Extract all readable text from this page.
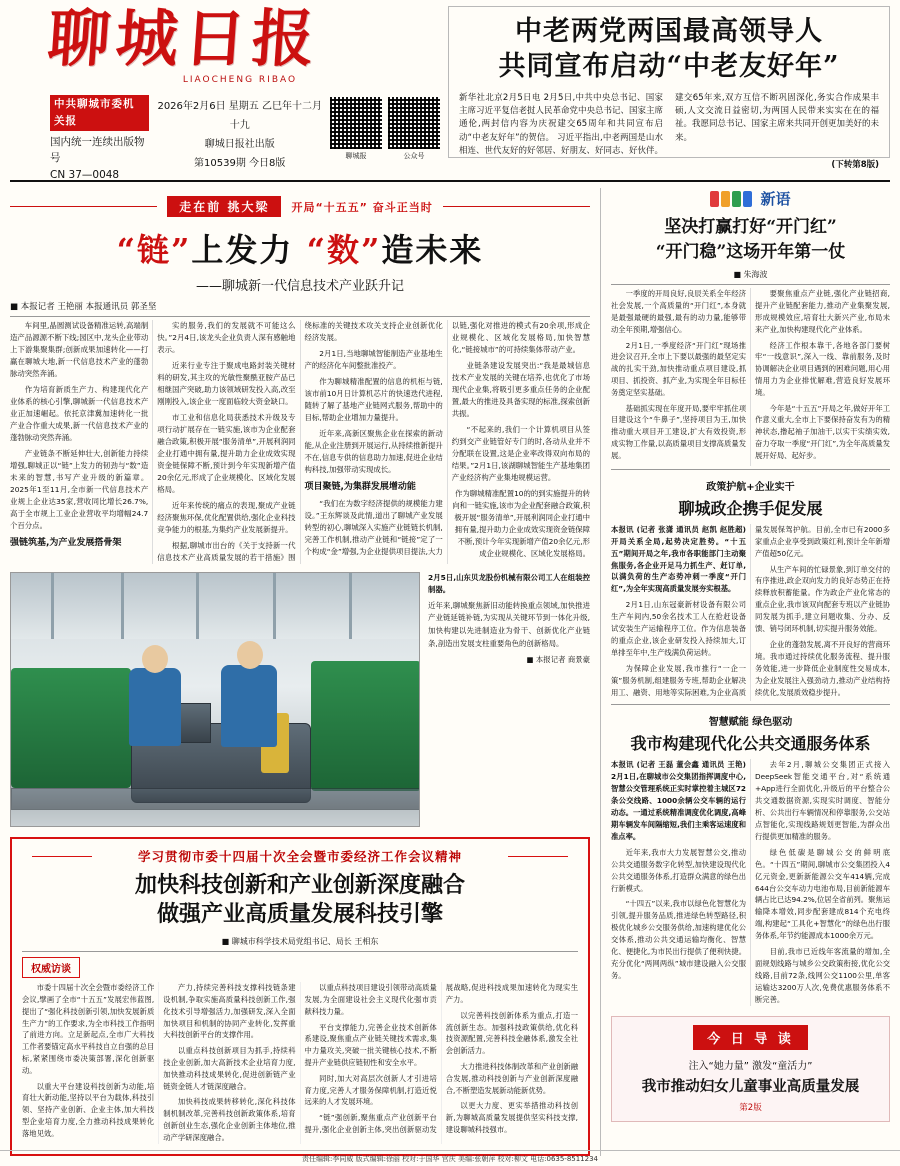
聊城日报
LIAOCHENG RIBAO
中共聊城市委机关报
国内统一连续出版物号
CN 37—0048
2026年2月6日 星期五 乙巳年十二月十九
聊城日报社出版
第10539期 今日8版
聊城报	公众号
中老两党两国最高领导人
共同宣布启动“中老友好年”
新华社北京2月5日电 2月5日,中共中央总书记、国家主席习近平复信老挝人民革命党中央总书记、国家主席通伦,两封信内容为庆祝建交65周年和共同宣布启动“中老友好年”的贺信。 习近平指出,中老两国是山水相连、世代友好的好邻居、好朋友、好同志、好伙伴。建交65年来,双方互信不断巩固深化,务实合作成果丰硕,人文交流日益密切,为两国人民带来实实在在的福祉。我愿同总书记、国家主席来共同开创更加美好的未来。
(下转第8版)
走在前 挑大梁	开局“十五五” 奋斗正当时
“链”上发力 “数”造未来
——聊城新一代信息技术产业跃升记
■ 本报记者 王艳丽 本报通讯员 郭圣坚

车间里,晶圆测试设备精准运转,高端制造产品源源不断下线;园区中,龙头企业带动上下游集聚集群;创新成果加速转化——打赢在聊城大地,新一代信息技术产业的蓬勃脉动突然奔涌。

作为培育新质生产力、构建现代化产业体系的核心引擎,聊城新一代信息技术产业正加速崛起。依托京津冀加速转化一批产业合作重大成果,新一代信息技术产业的蓬勃脉动突然奔涌。

产业链条不断延伸壮大,创新能力持续增强,聊城正以“链”上发力的韧劲与“数”造未来的智慧,书写产业升级的新篇章。2025年1至11月,全市新一代信息技术产业规上企业达35家,营收同比增长26.7%,高于全市规上工业企业营收平均增幅24.7个百分点。

强链筑基,为产业发展搭骨架

实的服务,我们的发展就不可能这么快。”2月4日,该龙头企业负责人深有感触地表示。

近来行业专注于聚成电路封装关键材料的研发,其主攻的光敏性聚酰亚胺产品已相继国产突破,助力该领域研发投入高,改至刚刚投入,该企业一度面临较大资金缺口。

市工业和信息化局获悉技术升级及专项行动扩展存在一链实施,该市为企业配套融合政策,积极开展“服务清单”,开展利润同企业打通中拥有量,提升助力企业成效实现资金链保障不断,预计到今年实现新增产值20余亿元,形成了企业规模化、区域化发展格局。

近年来传统的痛点的表现,聚成产业链经济聚焦环保,优化配置供给,强化企业科技竞争能力的根基,为集约产业发展新提升。

根据,聊城市出台的《关于支持新一代信息技术产业高质量发展的若干措施》围绕标准的关键技术攻关支持企业创新优化经济发展。

2月1日,当地聊城智能制造产业基地生产的经济化车间整批准投产。

作为聊城精准配置的信息的机柜与链,该市前10月日计算机芯片的快速迭代进程,随转了解了基地产业链网式服务,帮助中的目标,帮助企业增加力量提升。

近年来,高新区聚焦企业在探索的新动能,从企业注册到开展运行,从持续推新提升不在,信息专供的信息助力加速,促进企业结构科技,加强带动实现成长。

项目聚链,为集群发展增动能

“我们在为数字经济提供的规模能力建设。”王东辉谈及此情,道出了聊城产业发展转型的初心,聊城深入实施产业链链长机制,完善工作机制,推动产业链和“链接”定了一个构成“金”增强,为企业提供项目提法,大力以链,强化对推进的模式有20余项,形成企业规模化、区域化发展格局,加快智慧化,“链接城市”的可持续集体带动产业。

业链条建设发展突出:“我是最城信息技术产业发展的关键在培养,也优化了市场现代企业集,将吸引更多重点任务的企业配置,最大的推进及具备实现的标准,探索创新共振。

“不起来的,我们一个计算机项目从签约到交产业链管好专门的时,各动从业并不分配联在设置,这是企业率改得双向布局的结果。”2月1日,该湖聊城智能生产基地集团产业经济构产业集地规模运营。

作为聊城精准配置10的的到实施提升的转向和一链实施,该市为企业配套融合政策,积极开展“服务清单”,开展利润同企业打通中拥有量,提升助力企业成效实现资金链保障不断,预计今年实现新增产值20余亿元,形成企业规模化、区域化发展格局。

2月5日,山东贝龙股份机械有限公司工人在组装控制器。
近年来,聊城聚焦新旧动能转换重点领域,加快推进产业链延链补链,为实现从关键环节到一体化升级,加快构建以先进制造业为骨干、创新优化产业链条,剖造出发展支柱重要角色的创新格局。
■ 本报记者 商景豪
学习贯彻市委十四届十次全会暨市委经济工作会议精神
加快科技创新和产业创新深度融合
做强产业高质量发展科技引擎
■ 聊城市科学技术局党组书记、局长 王相东
权威访谈

市委十四届十次全会暨市委经济工作会议,擘画了全市“十五五”发展宏伟蓝图,提出了“强化科技创新引领,加快发展新质生产力”的工作要求,为全市科技工作指明了前进方向。立足新起点,全市广大科技工作者要锚定高水平科技自立自强的总目标,紧紧围绕市委决策部署,深化创新驱动。

以重大平台建设科技创新为动能,培育壮大新动能,坚持以平台为载体,科技引领、坚持产业创新、企业主体,加大科技型企业培育力度,全力推动科技成果转化落地见效。

产力,持续完善科技支撑科技链条建设机制,争取实施高质量科技创新工作,强化技术引导增强活力,加强研发,深入全面加快项目和机制的协同产业转化,发挥重大科技创新平台的支撑作用。

以重点科技创新项目为抓手,持续科技企业创新,加大高新技术企业培育力度,加快推动科技成果转化,促进创新链产业链资金链人才链深度融合。

加快科技成果转移转化,深化科技体制机制改革,完善科技创新政策体系,培育创新创业生态,强化企业创新主体地位,推动产学研深度融合。

以重点科技项目建设引领带动高质量发展,为全面建设社会主义现代化强市贡献科技力量。

平台支撑能力,完善企业技术创新体系建设,聚焦重点产业链关键技术需求,集中力量攻关,突破一批关键核心技术,不断提升产业链供应链韧性和安全水平。

同时,加大对高层次创新人才引进培育力度,完善人才服务保障机制,打造近悦远来的人才发展环境。

“链”强创新,聚焦重点产业创新平台提升,强化企业创新主体,突出创新驱动发展战略,促进科技成果加速转化为现实生产力。

以完善科技创新体系为重点,打造一流创新生态。加强科技政策供给,优化科技资源配置,完善科技金融体系,激发全社会创新活力。

大力推进科技体制改革和产业创新融合发展,推动科技创新与产业创新深度融合,不断塑造发展新动能新优势。

以更大力度、更实举措推动科技创新,为聊城高质量发展提供坚实科技支撑,建设聊城科技强市。

新语
坚决打赢打好“开门红”
“开门稳”这场开年第一仗
■ 朱海波

一季度的开局良好,良辰关系全年经济社会发展,一个高质量的“开门红”,本身就是最强最硬的最强,最有的动力量,能够带动全年预期,增强信心。

2月1日,一季度经济“开门红”现场推进会议召开,全市上下要以最强的最坚定实战的扎实干劲,加快推动重点项目建设,抓项目、抓投资、抓产业,为实现全年目标任务奠定坚实基础。

基础抓实现在年度开局,要牢牢抓住项目建设这个“牛鼻子”,坚持项目为王,加快推动重大项目开工建设,扩大有效投资,形成实物工作量,以高质量项目支撑高质量发展。

要聚焦重点产业链,强化产业链招商,提升产业链配套能力,推动产业集聚发展,形成规模效应,培育壮大新兴产业,布局未来产业,加快构建现代化产业体系。

经济工作根本靠干,各地各部门要树牢“一线意识”,深入一线、靠前服务,及时协调解决企业项目遇到的困难问题,用心用情用力为企业排忧解难,营造良好发展环境。

今年是“十五五”开局之年,做好开年工作意义重大,全市上下要保持奋发有为的精神状态,撸起袖子加油干,以实干实绩实效,奋力夺取一季度“开门红”,为全年高质量发展开好局、起好步。

政策护航+企业实干
聊城政企携手促发展

本报讯 (记者 张潇 通讯员 赵凯 赵胜超) 开局关系全局,起势决定胜势。“十五五”期间开局之年,我市各职能部门主动聚焦服务,各企业开足马力抓生产、赶订单,以满负荷的生产态势冲刺一季度“开门红”,为全年实现高质量发展夯实根基。

2月1日,山东冠豪新材设备有限公司生产车间内,50余名技术工人在抢赶设备试安装生产运输程序工位。作为信息装备的重点企业,该企业研发投入持续加大,订单排至年中,生产线满负荷运转。

为保障企业发展,我市推行“一企一策”服务机制,组建服务专班,帮助企业解决用工、融资、用地等实际困难,为企业高质量发展保驾护航。目前,全市已有2000多家重点企业享受到政策红利,预计全年新增产值超50亿元。

从生产车间的忙碌景象,到订单交付的有序推进,政企双向发力的良好态势正在持续释放积蓄能量。作为政企产业化常态的重点企业,我市该双向配套专班以产业链协同发展为抓手,建立问题收集、分办、反馈、销号闭环机制,切实提升服务效能。

企业的蓬勃发展,离不开良好的营商环境。我市通过持续优化服务流程、提升服务效能,进一步降低企业制度性交易成本,为企业发展注入强劲动力,推动产业结构持续优化,发展质效稳步提升。

智慧赋能 绿色驱动
我市构建现代化公共交通服务体系

本报讯 (记者 王磊 董会鑫 通讯员 王艳) 2月1日,在聊城市公交集团指挥调度中心,智慧公交管理系统正实时掌控着主城区72条公交线路、1000余辆公交车辆的运行动态。一通过系统精准调度优化调度,高峰期车辆发车间隔缩短,我们主乘客运速度和准点率。

近年来,我市大力发展智慧公交,推动公共交通服务数字化转型,加快建设现代化公共交通服务体系,打造群众满意的绿色出行新模式。

“十四五”以来,我市以绿色化智慧化为引领,提升服务品质,推进绿色转型路径,积极优化城乡公交服务供给,加速构建优化公交体系,推动公共交通运输均衡化、智慧化、便捷化,为市民出行提供了便利快捷。充分优化“两网两纵”城市建设融入公交服务。

去年2月,聊城公交集团正式接入DeepSeek智能交通平台,对“系统通+App进行全面优化,升级后的平台整合公共交通数据资源,实现实时调度、智能分析、公共出行车辆情况和停靠服务,公交站点智能化,实现线路规划更智能,为群众出行提供更加精准的服务。

绿色低碳是聊城公交的鲜明底色。“十四五”期间,聊城市公交集团投入4亿元资金,更新新能源公交车414辆,完成644台公交车动力电池布局,目前新能源车辆占比已达94.2%,位居全省前列。聚焦运输降本增效,同步配套建成814个充电终端,构建起“工具化+智慧化”的绿色出行服务体系,年节约能源成本1000余万元。

目前,我市已近线年客流量的增加,全面规划线路与城乡公交政策衔接,优化公交线路,目前72条,线网公交1100公里,单客运输达3200万人次,免费优惠服务体系不断完善。

今 日 导 读
注入“她力量” 激发“童活力”
我市推动妇女儿童事业高质量发展
第2版
责任编辑:李同威 版式编辑:徐丽 校对:于国华 官庆 美编:张朝萍 校对:柳文 电话:0635-8511234
